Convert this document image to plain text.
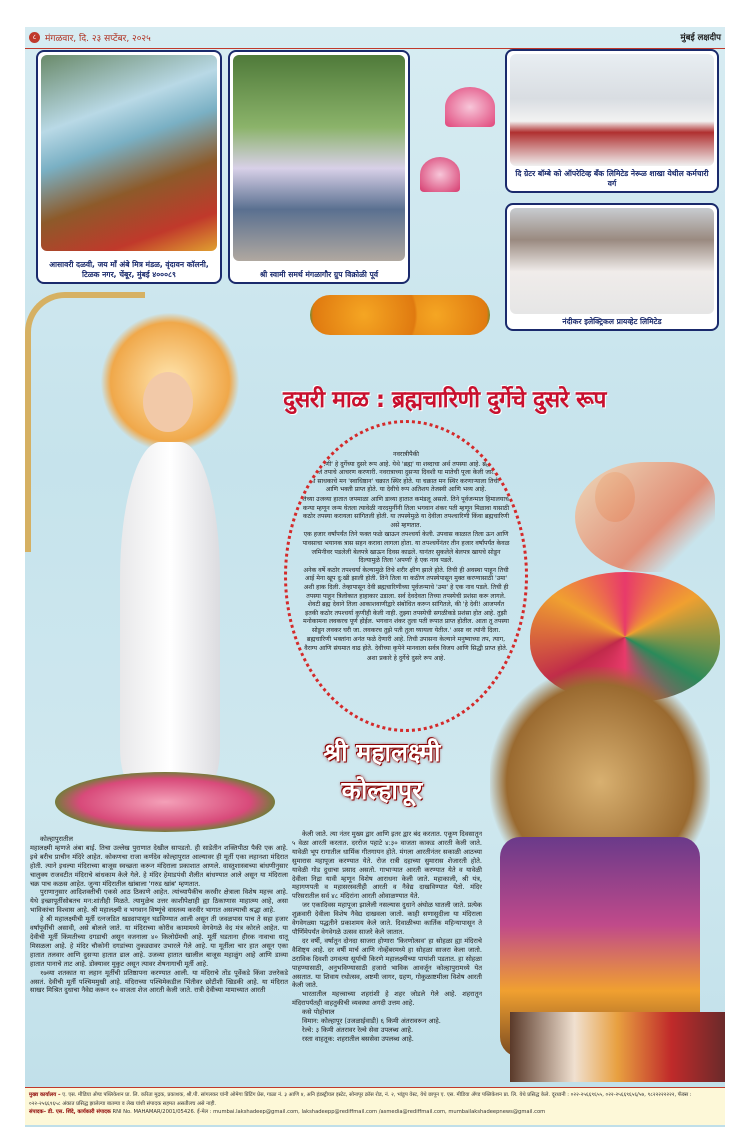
८ मंगळवार, दि. २३ सप्टेंबर, २०२५	मुंबई लक्षदीप
आसावरी दळवी, जय माँ अंबे मित्र मंडळ, वृंदावन कॉलनी, टिळक नगर, चेंबूर, मुंबई ४०००८९	श्री स्वामी समर्थ मंगळागौर ग्रुप विक्रोळी पूर्व
दि ग्रेटर बॉम्बे को ऑपरेटिव्ह बँक लिमिटेड नेरूळ शाखा येथील कर्मचारी वर्ग
नंदीकर इलेक्ट्रिकल प्रायव्हेट लिमिटेड
दुसरी माळ : ब्रह्मचारिणी दुर्गेचे दुसरे रूप

नवरात्रीपैकी

'ब्रह्मचारिणी' हे दुर्गेच्या दुसरे रूप आहे. येथे 'ब्रह्म' या शब्दाचा अर्थ तपस्या आहे. ब्रह्मचारिणी म्हणजे तपाचे आचरण करणारी. नवरात्राच्या दुसऱ्या दिवशी या मातेची पूजा केली जाते. या दिवशी साधकाचे मन 'स्वाधिष्ठान' चक्रात स्थिर होते. या चक्रात मन स्थिर करणार्‍याला तिची कृपा आणि भक्ती प्राप्त होते. या देवीचे रूप अतिशय तेजस्वी आणि भव्य आहे.

तिच्या उजव्या हातात जपमाळा आणि डाव्या हातात कमंडलू असतो. तिने पूर्वजन्मात हिमालयाची कन्या म्हणून जन्म घेतला त्यावेळी नारदमुनींनी तिला भगवान शंकर पती म्हणून मिळावा यासाठी कठोर तपस्या करायला सांगितली होती. या तपस्येमुळे या देवीला तपश्चारिणी किंवा ब्रह्मचारिणी असे म्हणतात.

एक हजार वर्षांपर्यंत तिने फक्त फळे खाऊन तपश्चर्या केली. उपवास काळात तिला ऊन आणि पावसाचा भयानक त्रास सहन करावा लागला होता. या तपश्चर्येनंतर तीन हजार वर्षांपर्यंत केवळ जमिनीवर पडलेली बेलपत्रे खाऊन दिवस काढले. यानंतर सुकलेले बेलपत्र खायचे सोडून दिल्यामुळे तिला 'अपर्णा' हे एक नाव पडले.

अनेक वर्षे कठोर तपश्चर्या केल्यामुळे तिचे शरीर क्षीण झाले होते. तिची ही अवस्था पाहून तिची आई मेना खूप दु:खी झाली होती. तिने तिला या कठीण तपस्येपासून मुक्त करण्यासाठी 'उमा' अशी हाक दिली. तेव्हापासून देवी ब्रह्मचारिणीच्या पूर्वजन्माचे 'उमा' हे एक नाव पडले. तिची ही तपस्या पाहून त्रिलोकात हाहाकार उडाला. सर्व देवदेवता तिच्या तपस्येची प्रशंसा करू लागले. शेवटी ब्रह्म देवाने तिला आकाशवाणीद्वारे संबोधित करून सांगितले, की 'हे देवी! आजपर्यंत इतकी कठोर तपश्चर्या कुणीही केली नाही. तुझ्या तपस्येची सगळीकडे प्रशंसा होत आहे. तुझी मनोकामना लवकरच पूर्ण होईल. भगवान शंकर तुला पती रूपात प्राप्त होतील. आता तू तपस्या सोडून लवकर घरी जा. लवकरच तुझे पती तुला घ्यायला येतील.' असा वर त्यांनी दिला.

ब्रह्मचारिणी भक्तांना अनंत फळे देणारी आहे. तिची उपासना केल्याने मनुष्याच्या तप, त्याग, वैराग्य आणि संयमात वाढ होते. देवीच्या कृपेने मानवाला सर्वत्र विजय आणि सिद्धी प्राप्त होते.

अशा प्रकारे हे दुर्गेचे दुसरे रूप आहे.

श्री महालक्ष्मी
कोल्हापूर
कोल्हापुरातील

महालक्ष्मी म्हणजे अंबा बाई. तिचा उल्लेख पुराणात देखील सापडतो. ही साडेतीन शक्तिपीठा पैकी एक आहे. इथे बरीच प्राचीन मंदिरे आहेत. कोकणचा राजा कर्णदेव कोल्हापुरात आल्यावर ही मूर्ती एका लहानशा मंदिरात होती. त्याने इथल्या मंदिराच्या बाजूस स्वच्छता करून मंदिराला प्रकाशात आणले. वास्तुशास्त्राच्या बांधणीनुसार चालुक्य राजवटीत मंदिराचे बांधकाम केले गेले. हे मंदिर हेमाडपंथी शैलीत बांधण्यात आले असून या मंदिराला चक्र पाच कळस आहेत. जुन्या मंदिरातील खांबाला 'गरुड खांब' म्हणतात.

पुराणानुसार आदिशक्तीची एकसे आठ ठिकाणे आहेत. त्यांच्यापैकीच करवीर क्षेत्राला विशेष महत्त्व आहे. येथे इच्छापूर्तीसोबतच मन:शांतीही मिळते. त्यामुळेच उत्तर काशीपेक्षाही ह्या ठिकाणास माहात्म्य आहे, असा भाविकांचा विश्वास आहे. श्री महालक्ष्मी व भगवान विष्णूंचे वास्तव्य करवीर भागात असल्याची श्रद्धा आहे.

हे श्री महालक्ष्मीची मूर्ती रत्नजडित खड्यापासून घडविण्यात आली असून ती जवळपास पाच ते सहा हजार वर्षांपूर्वीची असावी, असे बोलले जाते. या मंदिराच्या कोरीव कामामध्ये वेगवेगळे वेद मंत्र कोरले आहेत. या देवीची मूर्ती किंमतीच्या दगडाची असून वजनाला ४० किलोग्रॅमची आहे. मूर्ती घडताना हीरक नावाचा धातू मिसळला आहे. हे मंदिर चौकोनी दगडांच्या तुकड्यावर उभारले गेले आहे. या मूर्तीला चार हात असून एका हातात तलवार आणि दुसऱ्या हातात ढाल आहे. उजव्या हातात खालील बाजूस महाळुंग आहे आणि डाव्या हातात पानाचे ताट आहे. डोक्यावर मुकुट असून त्यावर शेषनागाची मूर्ती आहे.

१७व्या शतकात या लहान मूर्तीची प्रतिष्ठापना करण्यात आली. या मंदिराचे तोंड पूर्वेकडे किंवा उत्तरेकडे असतं. देवीची मूर्ती पश्चिममुखी आहे. मंदिराच्या पश्चिमेकडील भिंतीवर छोटीशी खिडकी आहे. या मंदिरात साखर मिश्रित दुधाचा नैवेद्य करून १० वाजता शेज आरती केली जाते. रात्री देवीच्या मामाच्यात आरती

केली जाते. त्या नंतर मुख्य द्वार आणि इतर द्वार बंद करतात. एकूण दिवसातून ५ वेळा आरती करतात. दररोज पहाटे ४:३० वाजता काकड आरती केली जाते. यावेळी भूप रागातील धार्मिक गीतगायन होते. मंगला आरतीनंतर सकाळी आठच्या सुमारास महापूजा करण्यात येते. रोज रात्री दहाच्या सुमारास शेजारती होते. यावेळी गोड दुधाचा प्रसाद असतो. गाभाऱ्यात आरती करण्यात येते व यावेळी देवीला निद्रा यावी म्हणून विशेष आराधना केली जाते. महाकाली, श्री यंत्र, महागणपती व महासरस्वतीही आरती व नैवेद्य दाखविण्यात येतो. मंदिर परिसरातील सर्व ४८ मंदिरांना आरती ओवाळण्यात येते.

जर एकादिवस महापूजा झालेली नसल्यास दुधाने अंघोळ घातली जाते. प्रत्येक शुक्रवारी देवीला विशेष नैवेद्य दाखवला जातो. काही सणासुदीला या मंदिराला वेगवेगळ्या पद्धतीने प्रकाशमय केले जाते. दिवाळीच्या कार्तिक महिन्यापासून ते पौर्णिमेपर्यंत वेगवेगळे उत्सव साजरे केले जातात.

दर वर्षी, वर्षातून दोनदा साजरा होणारा 'किरणोत्सव' हा सोहळा ह्या मंदिराचे वैशिष्ट्य आहे. दर वर्षी मार्च आणि नोव्हेंबरमध्ये हा सोहळा साजरा केला जातो. ठराविक दिवशी उगवत्या सूर्याची किरणे महालक्ष्मीच्या पायांशी पडतात. हा सोहळा पाहण्यासाठी, अनुभविण्यासाठी हजारो भाविक आवर्जून कोल्हापुरामध्ये येत असतात. या शिवाय रथोत्सव, अष्टमी जागर, ग्रहण, गोकुळाष्टमीला विशेष आरती केली जाते.

भारतातील महत्त्वाच्या शहरांशी हे शहर जोडले गेले आहे. शहरातून मंदिरापर्यंतही वाहतुकीची व्यवस्था अगदी उत्तम आहे.

कसे पोहोचाल

विमान: कोल्हापूर (उजळाईवाडी) ६ किमी अंतरावरून आहे.

रेल्वे: ३ किमी अंतरावर रेल्वे सेवा उपलब्ध आहे.

रस्ता वाहतूक: शहरातील बससेवा उपलब्ध आहे.

मुख्य कार्यालय – ए. एस. मीडिया अँण्ड पब्लिकेशन प्रा. लि. करिता मुद्रक, प्रकाशक, श्री.पी. सांगलकर यांनी ओमेगा प्रिंटिंग प्रेस, गाळा नं. ३ आणि ४, अनि इंडस्ट्रीयल इस्टेट, सोनापूर क्रॉस रोड, नं. २, भांडुप वेस्ट, येथे छापून ए. एस. मीडिया अँण्ड पब्लिकेशन प्रा. लि. येथे प्रसिद्ध केले. दूरध्वनी : ०२२-२५६६९६५५, ०२२-२५६६९६५६/५७, ९८२२२२२२२२, फॅक्स : ०२२-२५६६९६५८ अंकात प्रसिद्ध झालेल्या बातम्या व लेख यांशी संपादक सहमत असतीलच असे नाही.
संपादक– डी. एस. शिंदे, कार्यकारी संपादक RNI No. MAHAMAR/2001/05426. ई-मेल : mumbai.lakshadeep@gmail.com, lakshadeepp@rediffmail.com /asmedia@rediffmail.com, mumbailakshadeepnews@gmail.com
